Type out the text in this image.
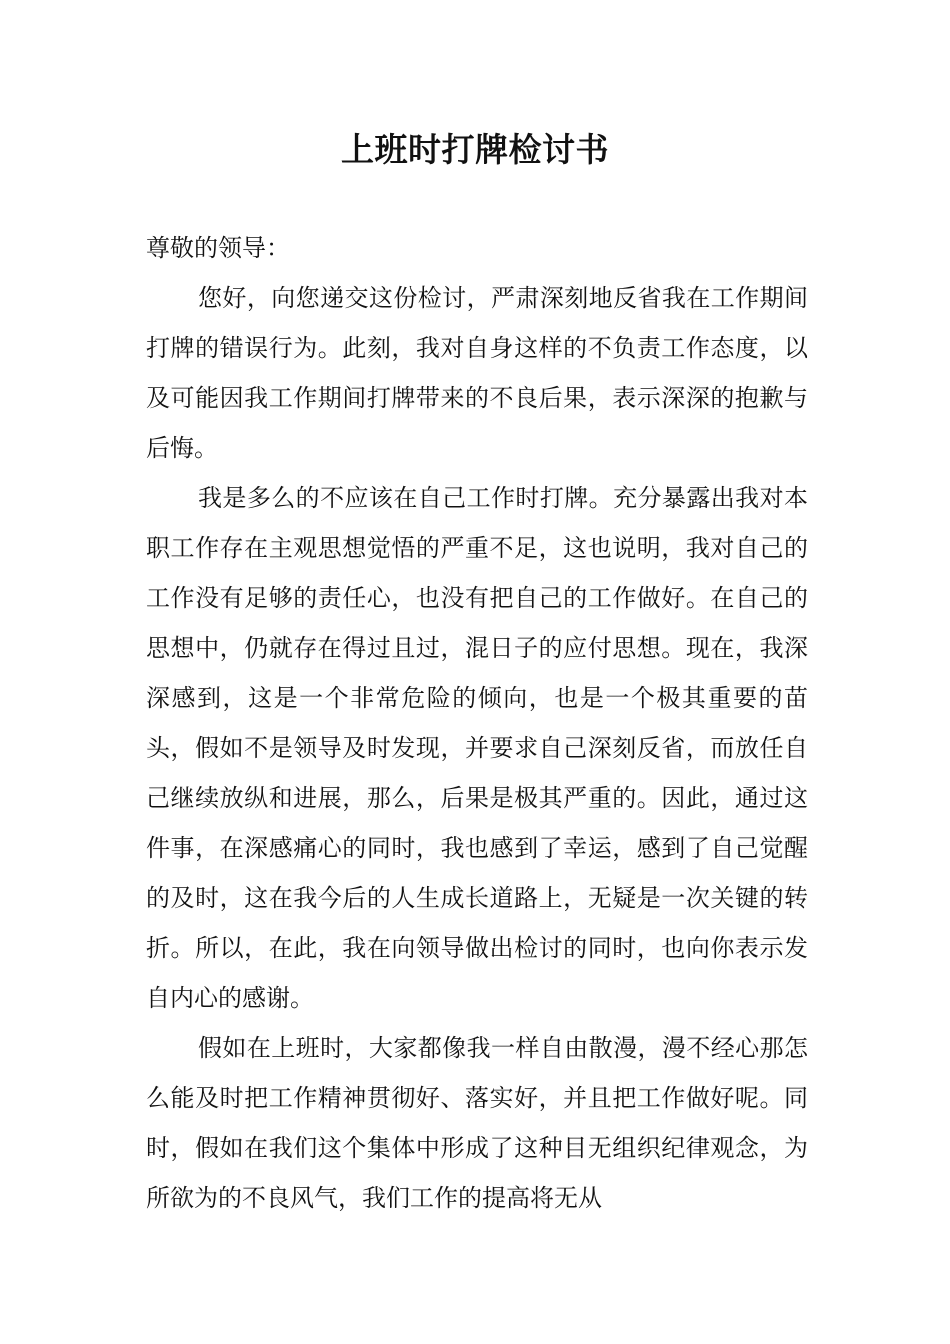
上班时打牌检讨书

尊敬的领导：

您好，向您递交这份检讨，严肃深刻地反省我在工作期间打牌的错误行为。此刻，我对自身这样的不负责工作态度，以及可能因我工作期间打牌带来的不良后果，表示深深的抱歉与后悔。

我是多么的不应该在自己工作时打牌。充分暴露出我对本职工作存在主观思想觉悟的严重不足，这也说明，我对自己的工作没有足够的责任心，也没有把自己的工作做好。在自己的思想中，仍就存在得过且过，混日子的应付思想。现在，我深深感到，这是一个非常危险的倾向，也是一个极其重要的苗头，假如不是领导及时发现，并要求自己深刻反省，而放任自己继续放纵和进展，那么，后果是极其严重的。因此，通过这件事，在深感痛心的同时，我也感到了幸运，感到了自己觉醒的及时，这在我今后的人生成长道路上，无疑是一次关键的转折。所以，在此，我在向领导做出检讨的同时，也向你表示发自内心的感谢。

假如在上班时，大家都像我一样自由散漫，漫不经心那怎么能及时把工作精神贯彻好、落实好，并且把工作做好呢。同时，假如在我们这个集体中形成了这种目无组织纪律观念，为所欲为的不良风气，我们工作的提高将无从
